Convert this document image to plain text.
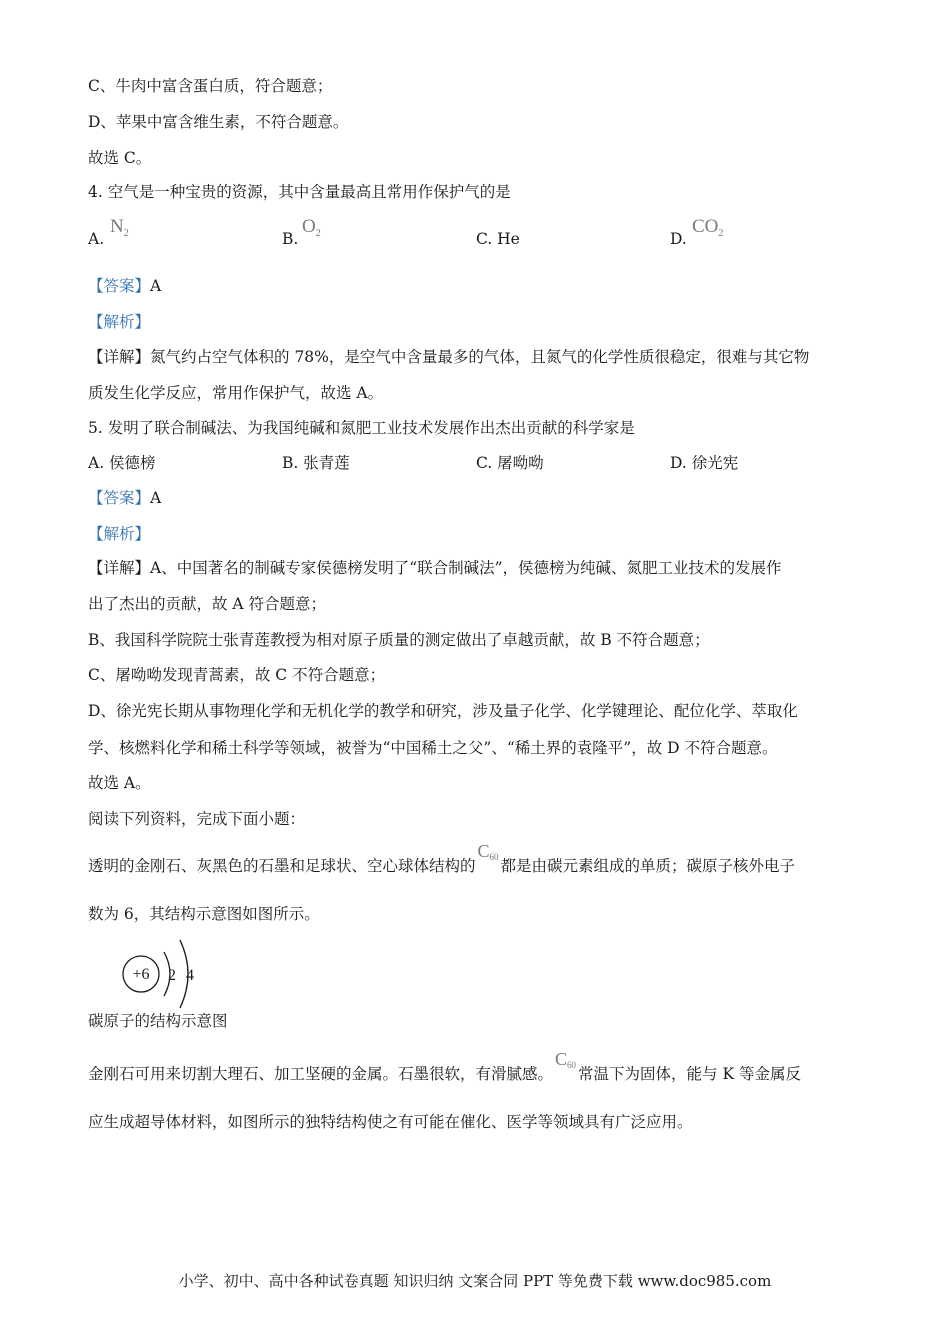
C、牛肉中富含蛋白质，符合题意；
D、苹果中富含维生素，不符合题意。
故选 C。
4. 空气是一种宝贵的资源，其中含量最高且常用作保护气的是
A.
$N_2$	B.
$O_2$	C. He	D.
$CO_2$
【答案】A
【解析】
【详解】氮气约占空气体积的 78%，是空气中含量最多的气体，且氮气的化学性质很稳定，很难与其它物
质发生化学反应，常用作保护气，故选 A。
5. 发明了联合制碱法、为我国纯碱和氮肥工业技术发展作出杰出贡献的科学家是
A. 侯德榜	B. 张青莲	C. 屠呦呦	D. 徐光宪
【答案】A
【解析】
【详解】A、中国著名的制碱专家侯德榜发明了“联合制碱法”，侯德榜为纯碱、氮肥工业技术的发展作
出了杰出的贡献，故 A 符合题意；
B、我国科学院院士张青莲教授为相对原子质量的测定做出了卓越贡献，故 B 不符合题意；
C、屠呦呦发现青蒿素，故 C 不符合题意；
D、徐光宪长期从事物理化学和无机化学的教学和研究，涉及量子化学、化学键理论、配位化学、萃取化
学、核燃料化学和稀土科学等领域，被誉为“中国稀土之父”、“稀土界的袁隆平”，故 D 不符合题意。
故选 A。
阅读下列资料，完成下面小题：
透明的金刚石、灰黑色的石墨和足球状、空心球体结构的$C_{60}$ 都是由碳元素组成的单质；碳原子核外电子
数为 6，其结构示意图如图所示。
+6 2 4
碳原子的结构示意图
金刚石可用来切割大理石、加工坚硬的金属。石墨很软，有滑腻感。$C_{60}$ 常温下为固体，能与 K 等金属反
应生成超导体材料，如图所示的独特结构使之有可能在催化、医学等领域具有广泛应用。
小学、初中、高中各种试卷真题 知识归纳 文案合同 PPT 等免费下载 www.doc985.com
